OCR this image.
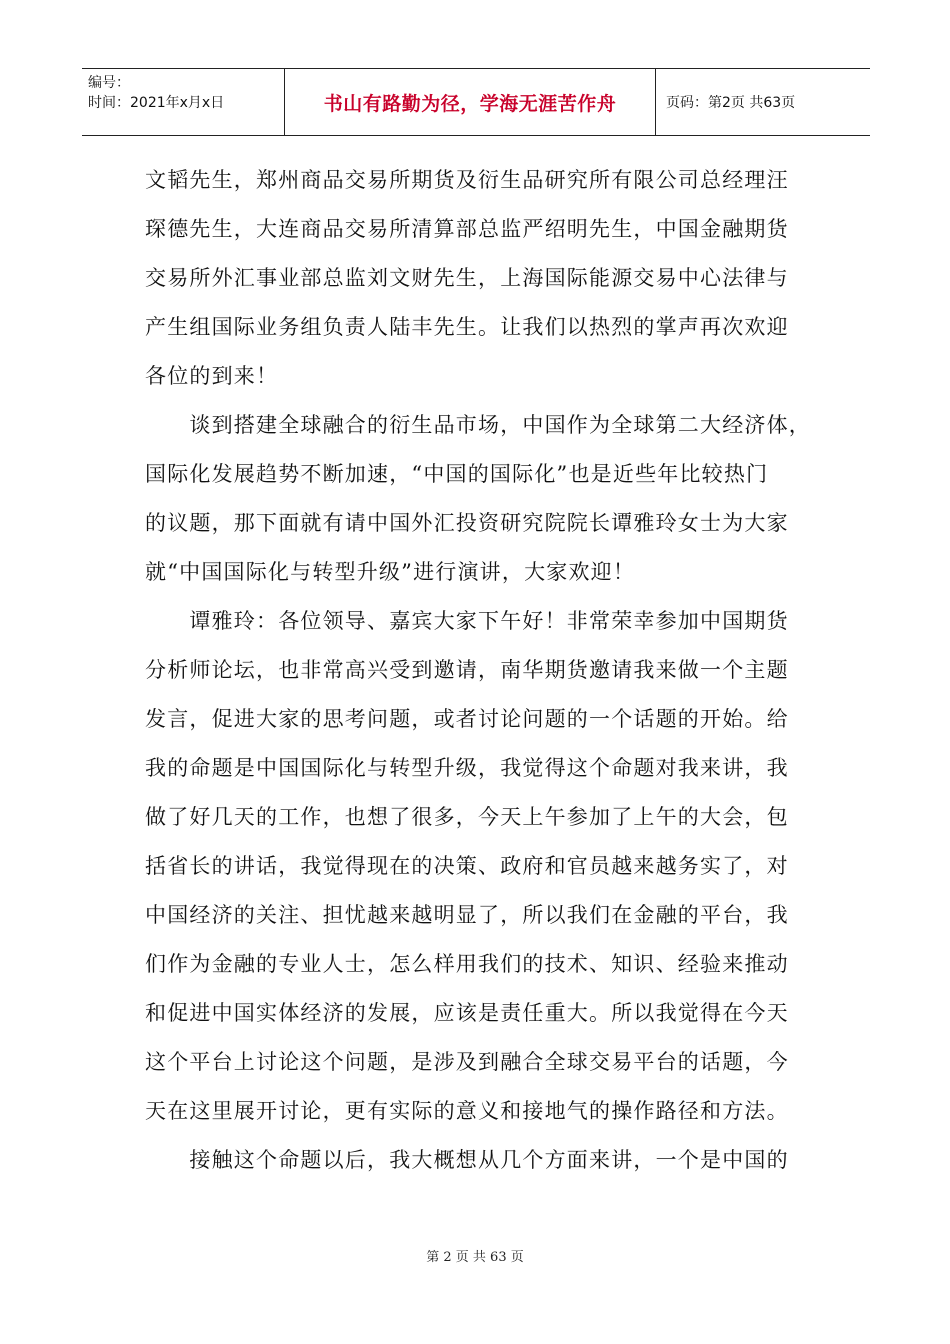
编号：
时间：2021年x月x日	书山有路勤为径，学海无涯苦作舟	页码：第2页 共63页
文韬先生，郑州商品交易所期货及衍生品研究所有限公司总经理汪
琛德先生，大连商品交易所清算部总监严绍明先生，中国金融期货
交易所外汇事业部总监刘文财先生，上海国际能源交易中心法律与
产生组国际业务组负责人陆丰先生。让我们以热烈的掌声再次欢迎
各位的到来！
　　谈到搭建全球融合的衍生品市场，中国作为全球第二大经济体，
国际化发展趋势不断加速，“中国的国际化”也是近些年比较热门
的议题，那下面就有请中国外汇投资研究院院长谭雅玲女士为大家
就“中国国际化与转型升级”进行演讲，大家欢迎！
　　谭雅玲：各位领导、嘉宾大家下午好！非常荣幸参加中国期货
分析师论坛，也非常高兴受到邀请，南华期货邀请我来做一个主题
发言，促进大家的思考问题，或者讨论问题的一个话题的开始。给
我的命题是中国国际化与转型升级，我觉得这个命题对我来讲，我
做了好几天的工作，也想了很多，今天上午参加了上午的大会，包
括省长的讲话，我觉得现在的决策、政府和官员越来越务实了，对
中国经济的关注、担忧越来越明显了，所以我们在金融的平台，我
们作为金融的专业人士，怎么样用我们的技术、知识、经验来推动
和促进中国实体经济的发展，应该是责任重大。所以我觉得在今天
这个平台上讨论这个问题，是涉及到融合全球交易平台的话题，今
天在这里展开讨论，更有实际的意义和接地气的操作路径和方法。
　　接触这个命题以后，我大概想从几个方面来讲，一个是中国的
第 2 页 共 63 页
